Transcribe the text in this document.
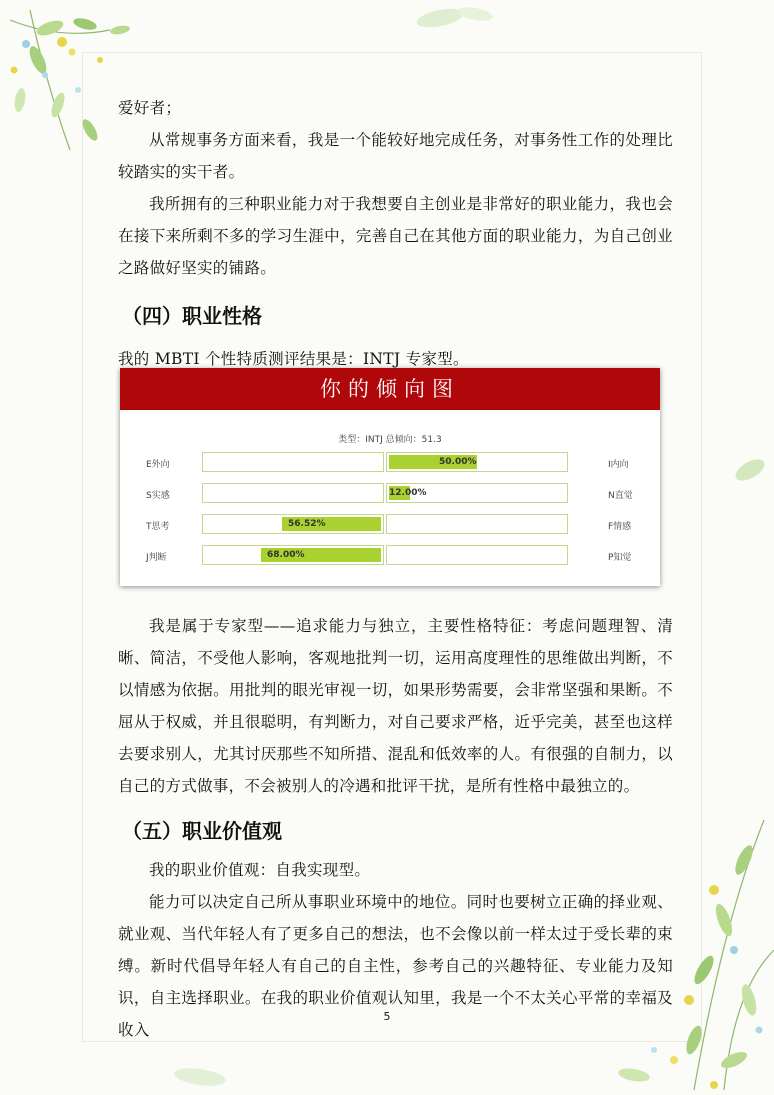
爱好者；

从常规事务方面来看，我是一个能较好地完成任务，对事务性工作的处理比较踏实的实干者。

我所拥有的三种职业能力对于我想要自主创业是非常好的职业能力，我也会在接下来所剩不多的学习生涯中，完善自己在其他方面的职业能力，为自己创业之路做好坚实的铺路。

（四）职业性格

我的 MBTI 个性特质测评结果是：INTJ 专家型。

我是属于专家型——追求能力与独立，主要性格特征：考虑问题理智、清晰、简洁，不受他人影响，客观地批判一切，运用高度理性的思维做出判断，不以情感为依据。用批判的眼光审视一切，如果形势需要，会非常坚强和果断。不屈从于权威，并且很聪明，有判断力，对自己要求严格，近乎完美，甚至也这样去要求别人，尤其讨厌那些不知所措、混乱和低效率的人。有很强的自制力，以自己的方式做事，不会被别人的冷遇和批评干扰，是所有性格中最独立的。

（五）职业价值观

我的职业价值观：自我实现型。

能力可以决定自己所从事职业环境中的地位。同时也要树立正确的择业观、就业观、当代年轻人有了更多自己的想法，也不会像以前一样太过于受长辈的束缚。新时代倡导年轻人有自己的自主性，参考自己的兴趣特征、专业能力及知识，自主选择职业。在我的职业价值观认知里，我是一个不太关心平常的幸福及收入

你的倾向图
类型：INTJ 总倾向：51.3
50.00%
E外向	I内向
12.00%
S实感	N直觉
56.52%
T思考	F情感
68.00%
J判断	P知觉
5
